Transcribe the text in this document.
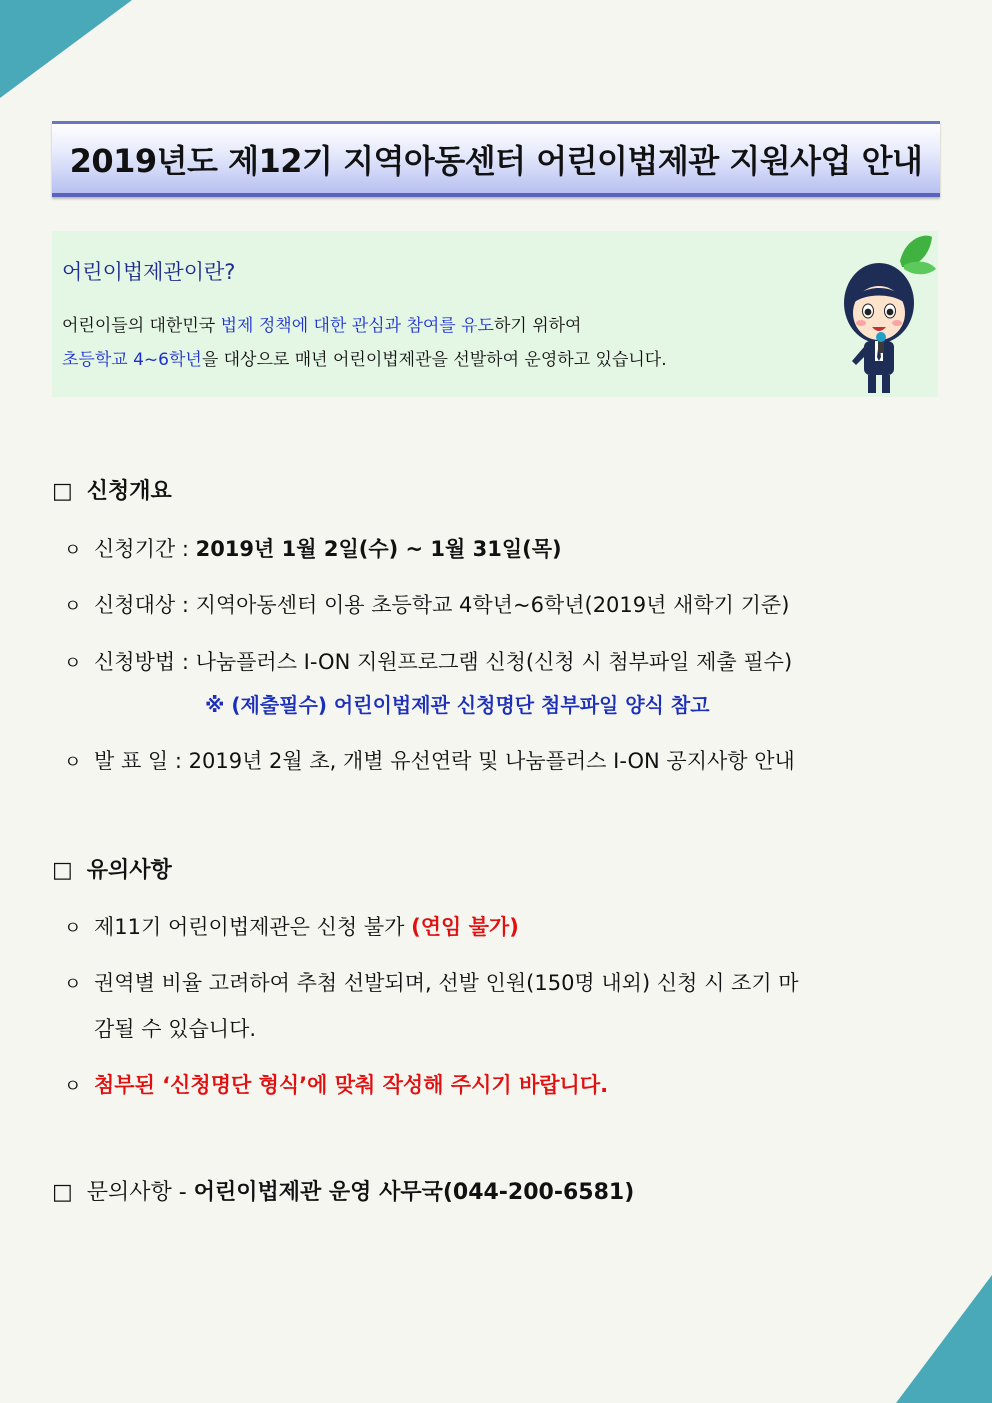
2019년도 제12기 지역아동센터 어린이법제관 지원사업 안내
어린이법제관이란?
어린이들의 대한민국 법제 정책에 대한 관심과 참여를 유도하기 위하여
초등학교 4~6학년을 대상으로 매년 어린이법제관을 선발하여 운영하고 있습니다.
□ 신청개요
ㅇ 신청기간 : 2019년 1월 2일(수) ~ 1월 31일(목)
ㅇ 신청대상 : 지역아동센터 이용 초등학교 4학년~6학년(2019년 새학기 기준)
ㅇ 신청방법 : 나눔플러스 I-ON 지원프로그램 신청(신청 시 첨부파일 제출 필수)
※ (제출필수) 어린이법제관 신청명단 첨부파일 양식 참고
ㅇ 발 표 일 : 2019년 2월 초, 개별 유선연락 및 나눔플러스 I-ON 공지사항 안내
□ 유의사항
ㅇ 제11기 어린이법제관은 신청 불가 (연임 불가)
ㅇ 권역별 비율 고려하여 추첨 선발되며, 선발 인원(150명 내외) 신청 시 조기 마
감될 수 있습니다.
ㅇ 첨부된 ‘신청명단 형식’에 맞춰 작성해 주시기 바랍니다.
□ 문의사항 - 어린이법제관 운영 사무국(044-200-6581)
